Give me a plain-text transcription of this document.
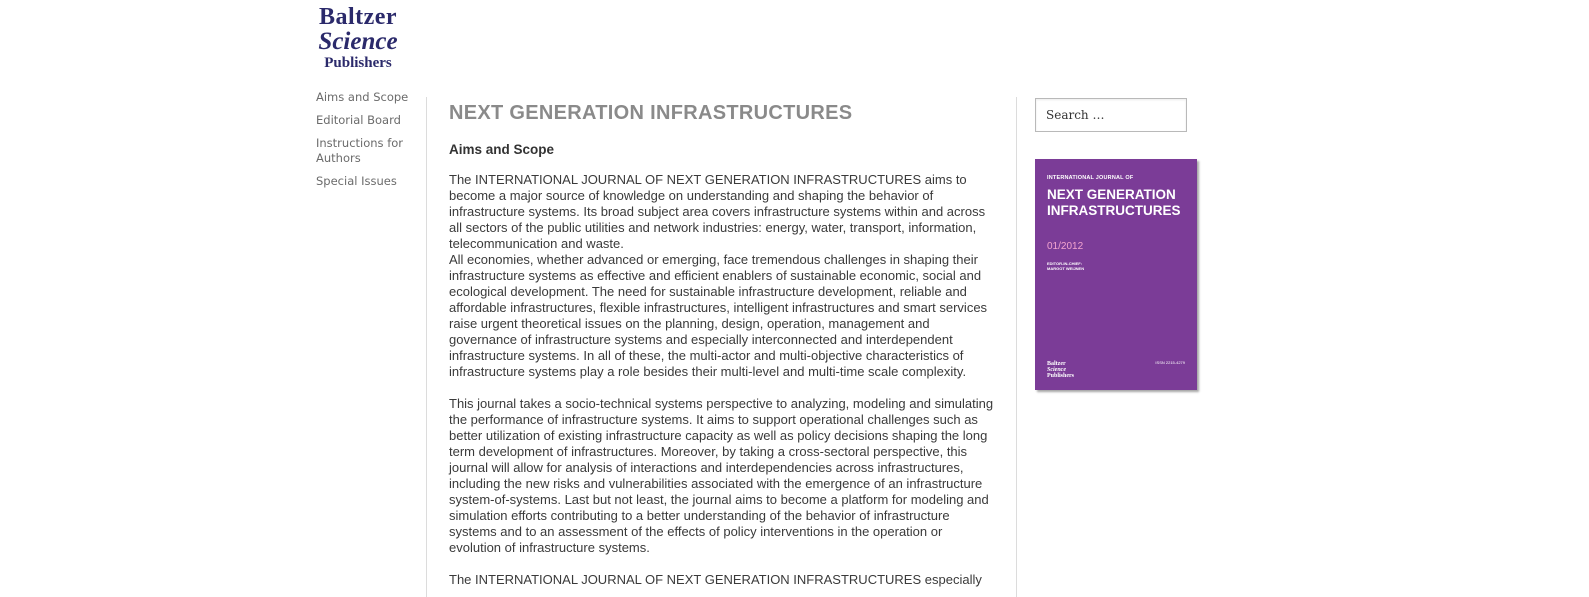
Baltzer
Science
Publishers
Aims and Scope
Editorial Board
Instructions for Authors
Special Issues
NEXT GENERATION INFRASTRUCTURES
Aims and Scope

The INTERNATIONAL JOURNAL OF NEXT GENERATION INFRASTRUCTURES aims to become a major source of knowledge on understanding and shaping the behavior of infrastructure systems. Its broad subject area covers infrastructure systems within and across all sectors of the public utilities and network industries: energy, water, transport, information, telecommunication and waste.

All economies, whether advanced or emerging, face tremendous challenges in shaping their infrastructure systems as effective and efficient enablers of sustainable economic, social and ecological development. The need for sustainable infrastructure development, reliable and affordable infrastructures, flexible infrastructures, intelligent infrastructures and smart services raise urgent theoretical issues on the planning, design, operation, management and governance of infrastructure systems and especially interconnected and interdependent infrastructure systems. In all of these, the multi-actor and multi-objective characteristics of infrastructure systems play a role besides their multi-level and multi-time scale complexity.

This journal takes a socio-technical systems perspective to analyzing, modeling and simulating the performance of infrastructure systems. It aims to support operational challenges such as better utilization of existing infrastructure capacity as well as policy decisions shaping the long term development of infrastructures. Moreover, by taking a cross-sectoral perspective, this journal will allow for analysis of interactions and interdependencies across infrastructures, including the new risks and vulnerabilities associated with the emergence of an infrastructure system-of-systems. Last but not least, the journal aims to become a platform for modeling and simulation efforts contributing to a better understanding of the behavior of infrastructure systems and to an assessment of the effects of policy interventions in the operation or evolution of infrastructure systems.

The INTERNATIONAL JOURNAL OF NEXT GENERATION INFRASTRUCTURES especially

Search …
INTERNATIONAL JOURNAL OF
NEXT GENERATION INFRASTRUCTURES
01/2012
EDITOR-IN-CHIEF:
MARGOT WEIJNEN
Baltzer
Science
Publishers
ISSN 2215-4279
